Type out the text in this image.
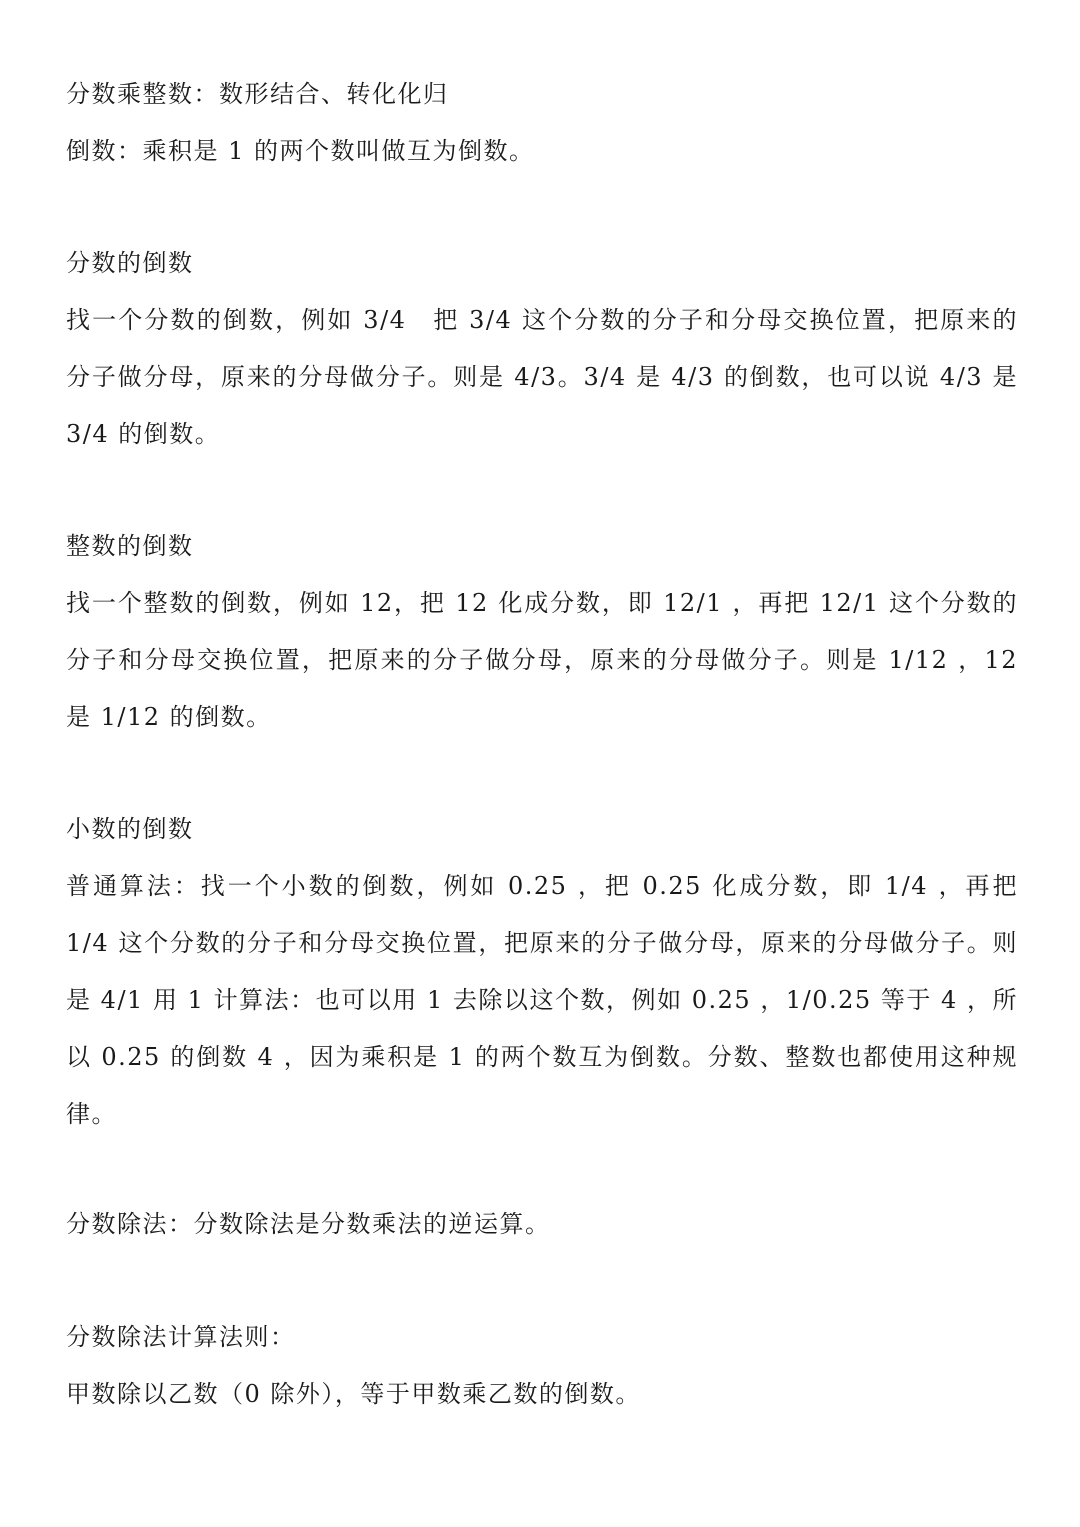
分数乘整数：数形结合、转化化归
倒数：乘积是 1 的两个数叫做互为倒数。
分数的倒数
找一个分数的倒数，例如 3/4　把 3/4 这个分数的分子和分母交换位置，把原来的分子做分母，原来的分母做分子。则是 4/3。3/4 是 4/3 的倒数，也可以说 4/3 是 3/4 的倒数。
整数的倒数
找一个整数的倒数，例如 12，把 12 化成分数，即 12/1 ，再把 12/1 这个分数的分子和分母交换位置，把原来的分子做分母，原来的分母做分子。则是 1/12 ，12 是 1/12 的倒数。
小数的倒数
普通算法：找一个小数的倒数，例如 0.25 ，把 0.25 化成分数，即 1/4 ，再把 1/4 这个分数的分子和分母交换位置，把原来的分子做分母，原来的分母做分子。则是 4/1 用 1 计算法：也可以用 1 去除以这个数，例如 0.25 ，1/0.25 等于 4 ，所以 0.25 的倒数 4 ，因为乘积是 1 的两个数互为倒数。分数、整数也都使用这种规律。
分数除法：分数除法是分数乘法的逆运算。
分数除法计算法则：
甲数除以乙数（0 除外），等于甲数乘乙数的倒数。
